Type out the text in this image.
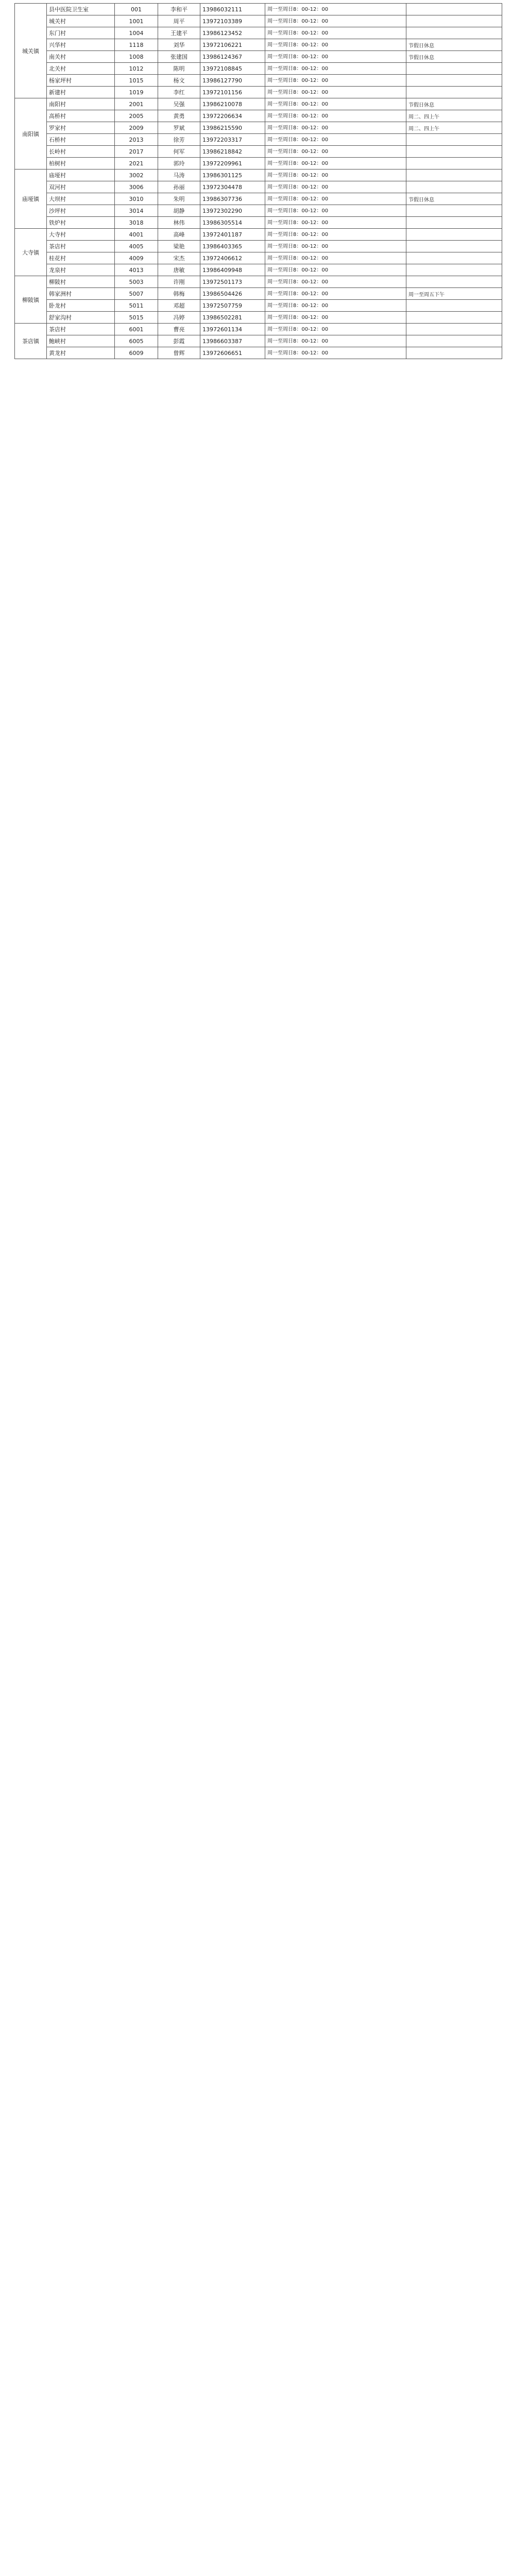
城关镇	县中医院卫生室	001	李和平	13986032111	周一至周日8：00-12：00	
	城关村	1001	周平	13972103389	周一至周日8：00-12：00	
	东门村	1004	王建平	13986123452	周一至周日8：00-12：00	
	兴华村	1118	刘华	13972106221	周一至周日8：00-12：00	节假日休息
	南关村	1008	张建国	13986124367	周一至周日8：00-12：00	节假日休息
	北关村	1012	陈明	13972108845	周一至周日8：00-12：00	
	杨家坪村	1015	杨文	13986127790	周一至周日8：00-12：00	
	新建村	1019	李红	13972101156	周一至周日8：00-12：00	
南阳镇	南阳村	2001	吴强	13986210078	周一至周日8：00-12：00	节假日休息
	高桥村	2005	黄勇	13972206634	周一至周日8：00-12：00	周二、四上午
	罗家村	2009	罗斌	13986215590	周一至周日8：00-12：00	周二、四上午
	石桥村	2013	徐芳	13972203317	周一至周日8：00-12：00	
	长岭村	2017	何军	13986218842	周一至周日8：00-12：00	
	柏树村	2021	郭玲	13972209961	周一至周日8：00-12：00	
庙垭镇	庙垭村	3002	马涛	13986301125	周一至周日8：00-12：00	
	双河村	3006	孙丽	13972304478	周一至周日8：00-12：00	
	大坝村	3010	朱明	13986307736	周一至周日8：00-12：00	节假日休息
	沙坪村	3014	胡静	13972302290	周一至周日8：00-12：00	
	铁炉村	3018	林伟	13986305514	周一至周日8：00-12：00	
大寺镇	大寺村	4001	高峰	13972401187	周一至周日8：00-12：00	
	茶店村	4005	梁艳	13986403365	周一至周日8：00-12：00	
	桂花村	4009	宋杰	13972406612	周一至周日8：00-12：00	
	龙泉村	4013	唐敏	13986409948	周一至周日8：00-12：00	
柳陂镇	柳陂村	5003	许刚	13972501173	周一至周日8：00-12：00	
	韩家洲村	5007	韩梅	13986504426	周一至周日8：00-12：00	周一至周五下午
	卧龙村	5011	邓超	13972507759	周一至周日8：00-12：00	
	舒家沟村	5015	冯婷	13986502281	周一至周日8：00-12：00	
茶店镇	茶店村	6001	曹亮	13972601134	周一至周日8：00-12：00	
	鲍峡村	6005	彭霞	13986603387	周一至周日8：00-12：00	
	黄龙村	6009	曾辉	13972606651	周一至周日8：00-12：00	
